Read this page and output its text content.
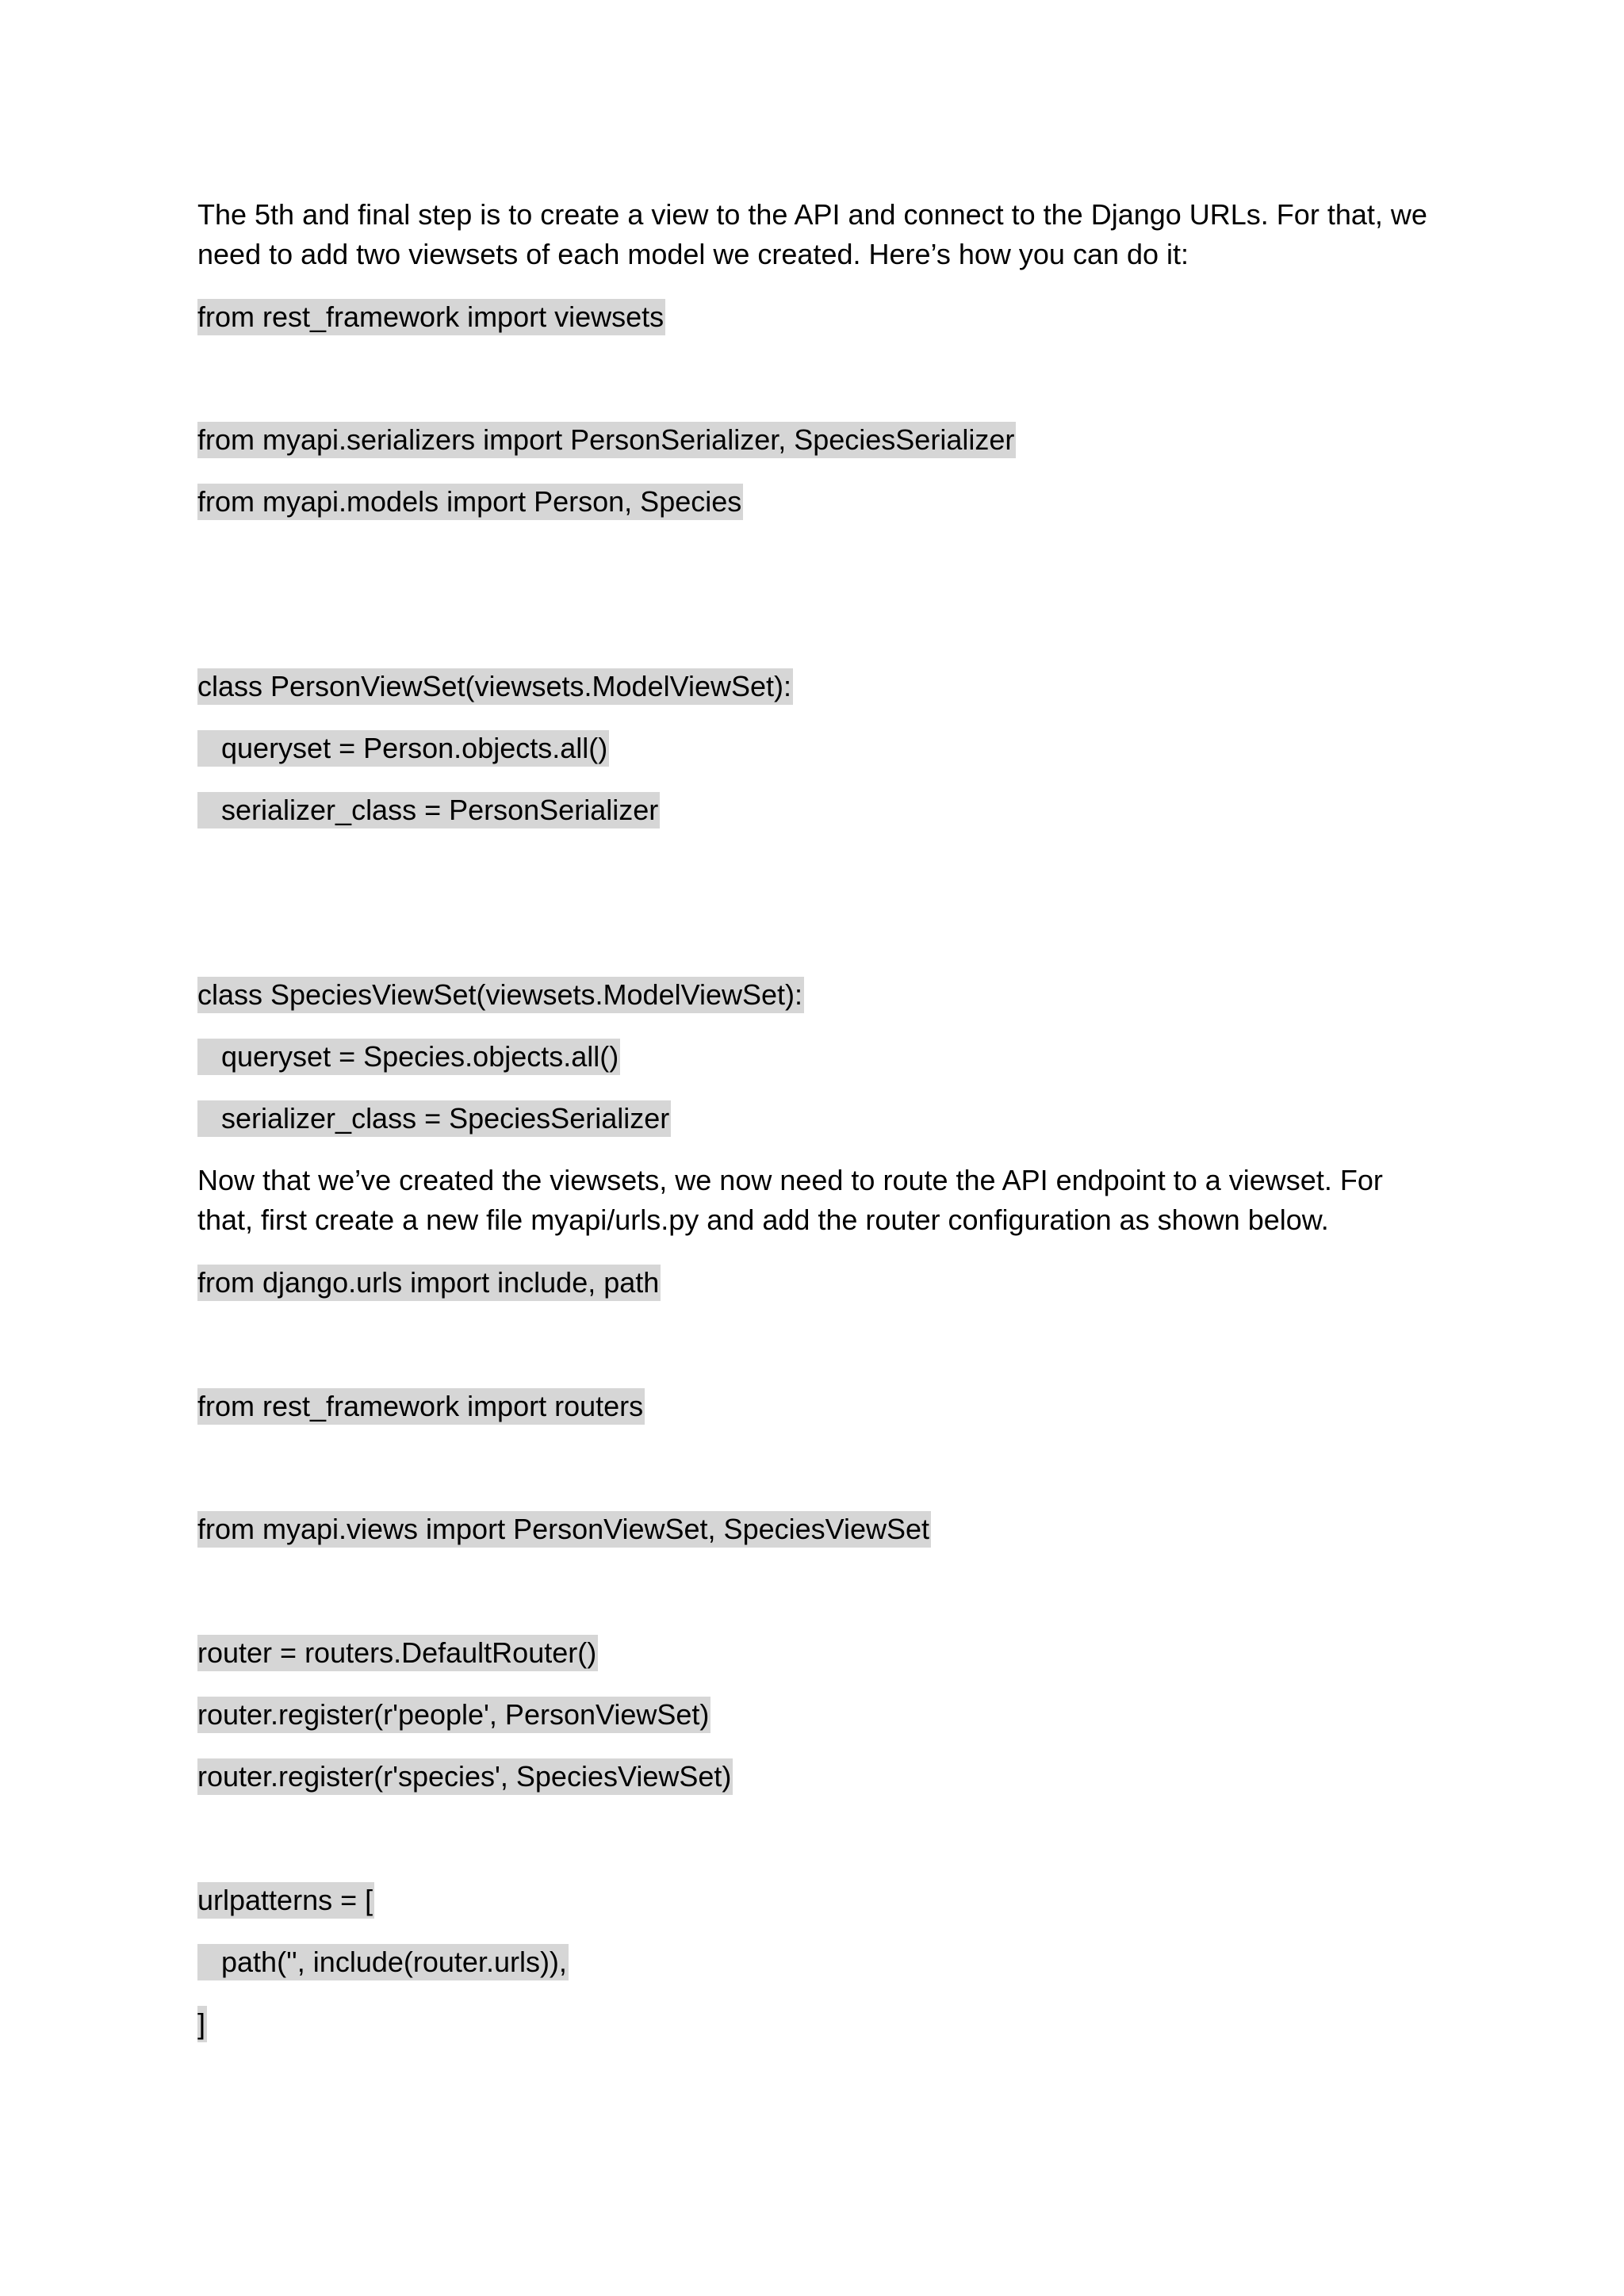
The 5th and final step is to create a view to the API and connect to the Django URLs. For that, we need to add two viewsets of each model we created. Here’s how you can do it:

from rest_framework import viewsets
from myapi.serializers import PersonSerializer, SpeciesSerializer
from myapi.models import Person, Species
class PersonViewSet(viewsets.ModelViewSet):
queryset = Person.objects.all()
serializer_class = PersonSerializer
class SpeciesViewSet(viewsets.ModelViewSet):
queryset = Species.objects.all()
serializer_class = SpeciesSerializer

Now that we’ve created the viewsets, we now need to route the API endpoint to a viewset. For that, first create a new file myapi/urls.py and add the router configuration as shown below.

from django.urls import include, path
from rest_framework import routers
from myapi.views import PersonViewSet, SpeciesViewSet
router = routers.DefaultRouter()
router.register(r'people', PersonViewSet)
router.register(r'species', SpeciesViewSet)
urlpatterns = [
path('', include(router.urls)),
]
